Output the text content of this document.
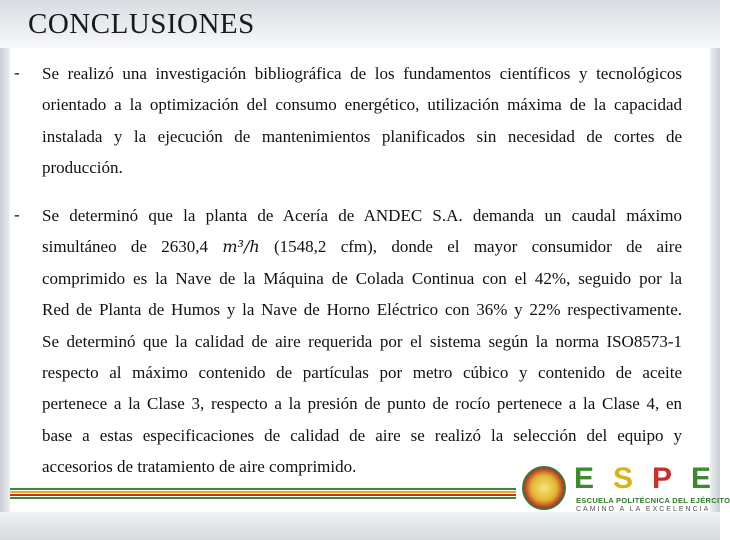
CONCLUSIONES
- Se realizó una investigación bibliográfica de los fundamentos científicos y tecnológicos
orientado a la optimización del consumo energético, utilización máxima de la capacidad
instalada y la ejecución de mantenimientos planificados sin necesidad de cortes de
producción.
- Se determinó que la planta de Acería de ANDEC S.A. demanda un caudal máximo
simultáneo de 2630,4 m³/h (1548,2 cfm), donde el mayor consumidor de aire
comprimido es la Nave de la Máquina de Colada Continua con el 42%, seguido por la
Red de Planta de Humos y la Nave de Horno Eléctrico con 36% y 22% respectivamente.
Se determinó que la calidad de aire requerida por el sistema según la norma ISO8573-1
respecto al máximo contenido de partículas por metro cúbico y contenido de aceite
pertenece a la Clase 3, respecto a la presión de punto de rocío pertenece a la Clase 4, en
base a estas especificaciones de calidad de aire se realizó la selección del equipo y
accesorios de tratamiento de aire comprimido.	ESPE
ESCUELA POLITÉCNICA DEL EJÉRCITO
CAMINO A LA EXCELENCIA
